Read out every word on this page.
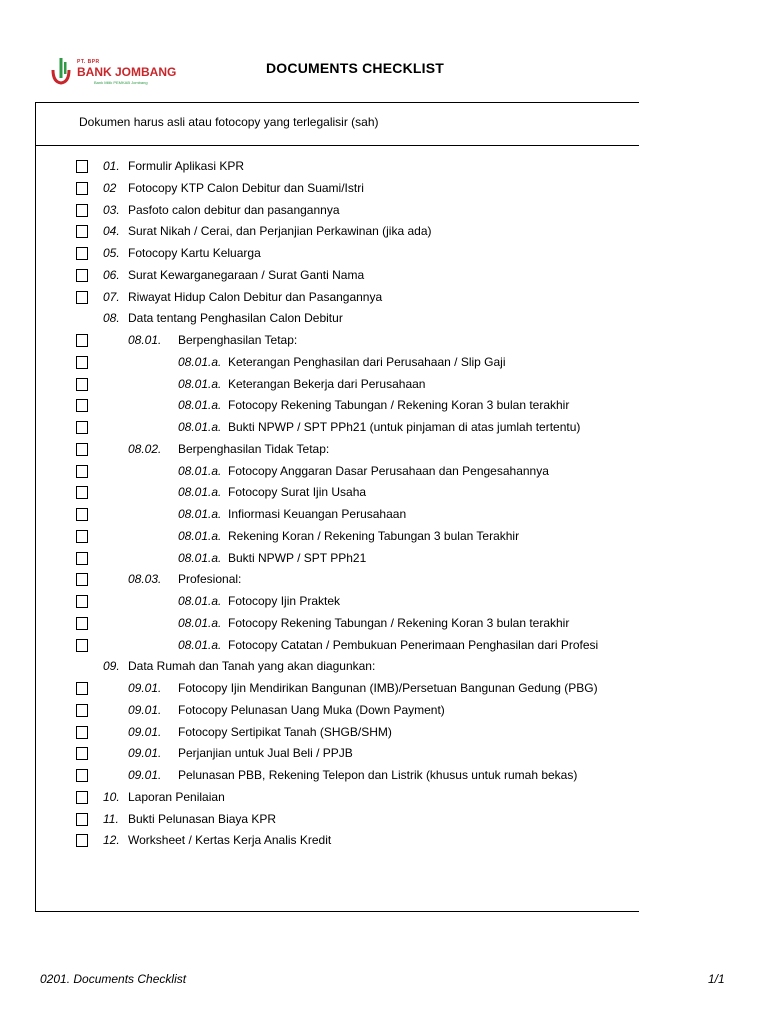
PT. BPR
BANK JOMBANG
Bank Milik PEMKAB Jombang
DOCUMENTS CHECKLIST
Dokumen harus asli atau fotocopy yang terlegalisir (sah)
01. Formulir Aplikasi KPR
02 Fotocopy KTP Calon Debitur dan Suami/Istri
03. Pasfoto calon debitur dan pasangannya
04. Surat Nikah / Cerai, dan Perjanjian Perkawinan (jika ada)
05. Fotocopy Kartu Keluarga
06. Surat Kewarganegaraan / Surat Ganti Nama
07. Riwayat Hidup Calon Debitur dan Pasangannya
08. Data tentang Penghasilan Calon Debitur
08.01. Berpenghasilan Tetap:
08.01.a. Keterangan Penghasilan dari Perusahaan / Slip Gaji
08.01.a. Keterangan Bekerja dari Perusahaan
08.01.a. Fotocopy Rekening Tabungan / Rekening Koran 3 bulan terakhir
08.01.a. Bukti NPWP / SPT PPh21 (untuk pinjaman di atas jumlah tertentu)
08.02. Berpenghasilan Tidak Tetap:
08.01.a. Fotocopy Anggaran Dasar Perusahaan dan Pengesahannya
08.01.a. Fotocopy Surat Ijin Usaha
08.01.a. Infiormasi Keuangan Perusahaan
08.01.a. Rekening Koran / Rekening Tabungan 3 bulan Terakhir
08.01.a. Bukti NPWP / SPT PPh21
08.03. Profesional:
08.01.a. Fotocopy Ijin Praktek
08.01.a. Fotocopy Rekening Tabungan / Rekening Koran 3 bulan terakhir
08.01.a. Fotocopy Catatan / Pembukuan Penerimaan Penghasilan dari Profesi
09. Data Rumah dan Tanah yang akan diagunkan:
09.01. Fotocopy Ijin Mendirikan Bangunan (IMB)/Persetuan Bangunan Gedung (PBG)
09.01. Fotocopy Pelunasan Uang Muka (Down Payment)
09.01. Fotocopy Sertipikat Tanah (SHGB/SHM)
09.01. Perjanjian untuk Jual Beli / PPJB
09.01. Pelunasan PBB, Rekening Telepon dan Listrik (khusus untuk rumah bekas)
10. Laporan Penilaian
11. Bukti Pelunasan Biaya KPR
12. Worksheet / Kertas Kerja Analis Kredit
0201. Documents Checklist	1/1
